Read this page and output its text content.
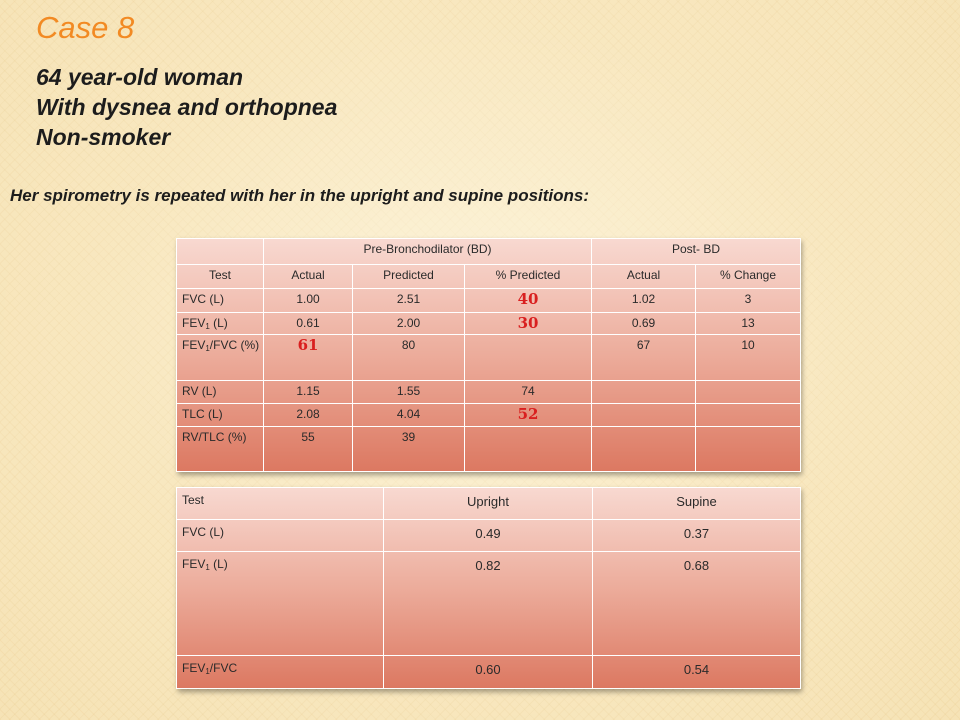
Case 8
64 year-old woman
With dysnea and orthopnea
Non-smoker

Her spirometry is repeated with her in the upright and supine positions:

	Pre-Bronchodilator (BD)			Post- BD	
Test	Actual	Predicted	% Predicted	Actual	% Change
FVC (L)	1.00	2.51	40	1.02	3
$FEV_1$ (L)	0.61	2.00	30	0.69	13
$FEV_1$/FVC (%)	61	80		67	10
RV (L)	1.15	1.55	74		
TLC (L)	2.08	4.04	52		
RV/TLC (%)	55	39			
Test	Upright	Supine
FVC (L)	0.49	0.37
$FEV_1$ (L)	0.82	0.68
$FEV_1$/FVC	0.60	0.54
